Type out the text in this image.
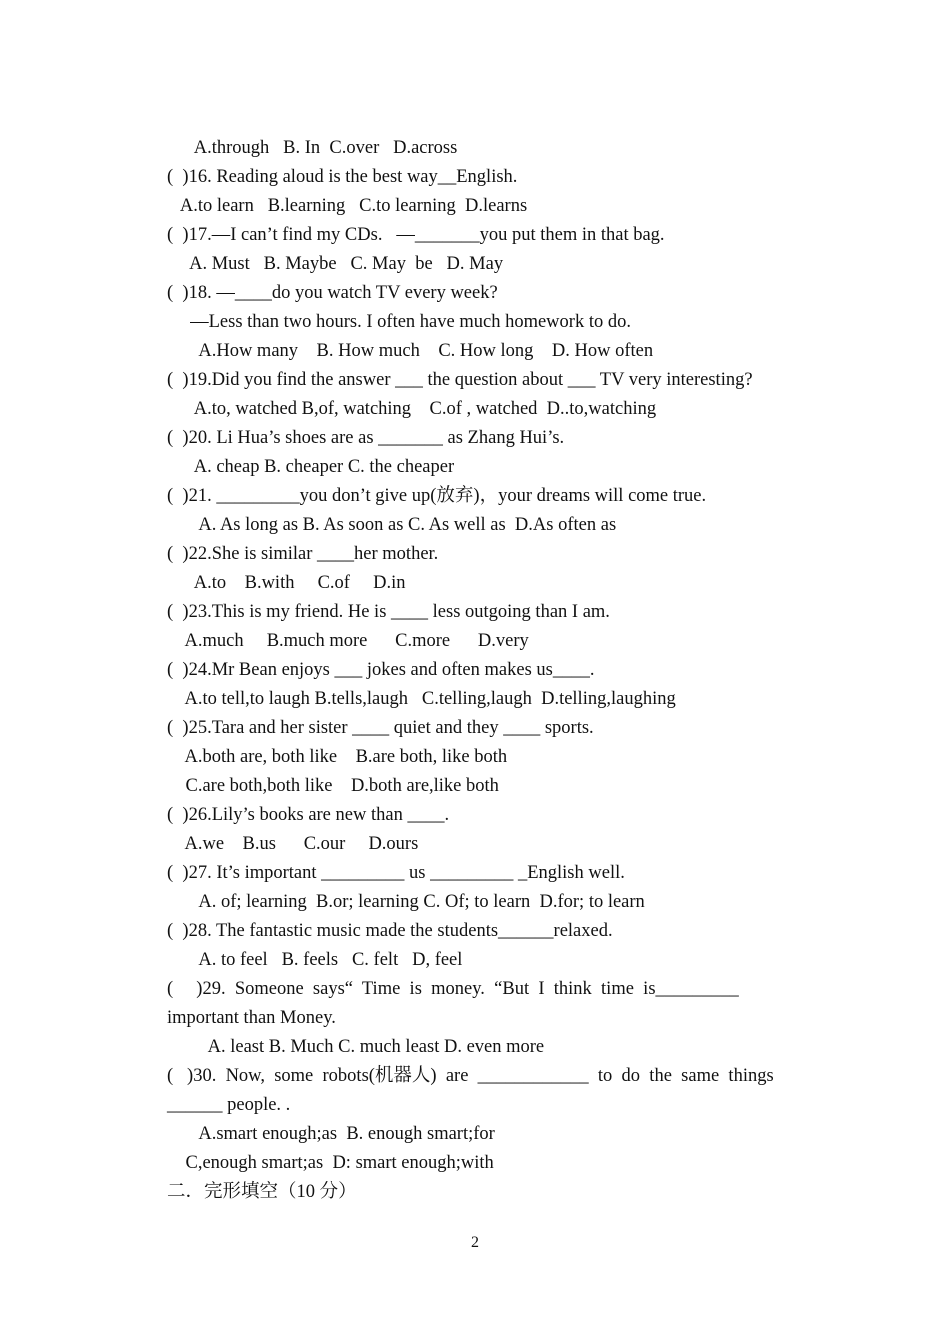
A.through   B. In  C.over   D.across
(  )16. Reading aloud is the best way__English.
A.to learn   B.learning   C.to learning  D.learns
(  )17.—I can’t find my CDs.   —_______you put them in that bag.
A. Must   B. Maybe   C. May  be   D. May
(  )18. —____do you watch TV every week?
—Less than two hours. I often have much homework to do.
A.How many    B. How much    C. How long    D. How often
(  )19.Did you find the answer ___ the question about ___ TV very interesting?
A.to, watched B,of, watching    C.of , watched  D..to,watching
(  )20. Li Hua’s shoes are as _______ as Zhang Hui’s.
A. cheap B. cheaper C. the cheaper
(  )21. _________you don’t give up(放弃)，your dreams will come true.
A. As long as B. As soon as C. As well as  D.As often as
(  )22.She is similar ____her mother.
A.to    B.with     C.of     D.in
(  )23.This is my friend. He is ____ less outgoing than I am.
A.much     B.much more      C.more      D.very
(  )24.Mr Bean enjoys ___ jokes and often makes us____.
A.to tell,to laugh B.tells,laugh   C.telling,laugh  D.telling,laughing
(  )25.Tara and her sister ____ quiet and they ____ sports.
A.both are, both like    B.are both, like both
C.are both,both like    D.both are,like both
(  )26.Lily’s books are new than ____.
A.we    B.us      C.our     D.ours
(  )27. It’s important _________ us _________ _English well.
A. of; learning  B.or; learning C. Of; to learn  D.for; to learn
(  )28. The fantastic music made the students______relaxed.
A. to feel   B. feels   C. felt   D, feel
(     )29.  Someone  says“  Time  is  money.  “But  I  think  time  is_________
important than Money.
A. least B. Much C. much least D. even more
(   )30.  Now,  some  robots(机器人)  are  ____________  to  do  the  same  things
______ people. .
A.smart enough;as  B. enough smart;for
C,enough smart;as  D: smart enough;with
二．完形填空（10 分）
2
